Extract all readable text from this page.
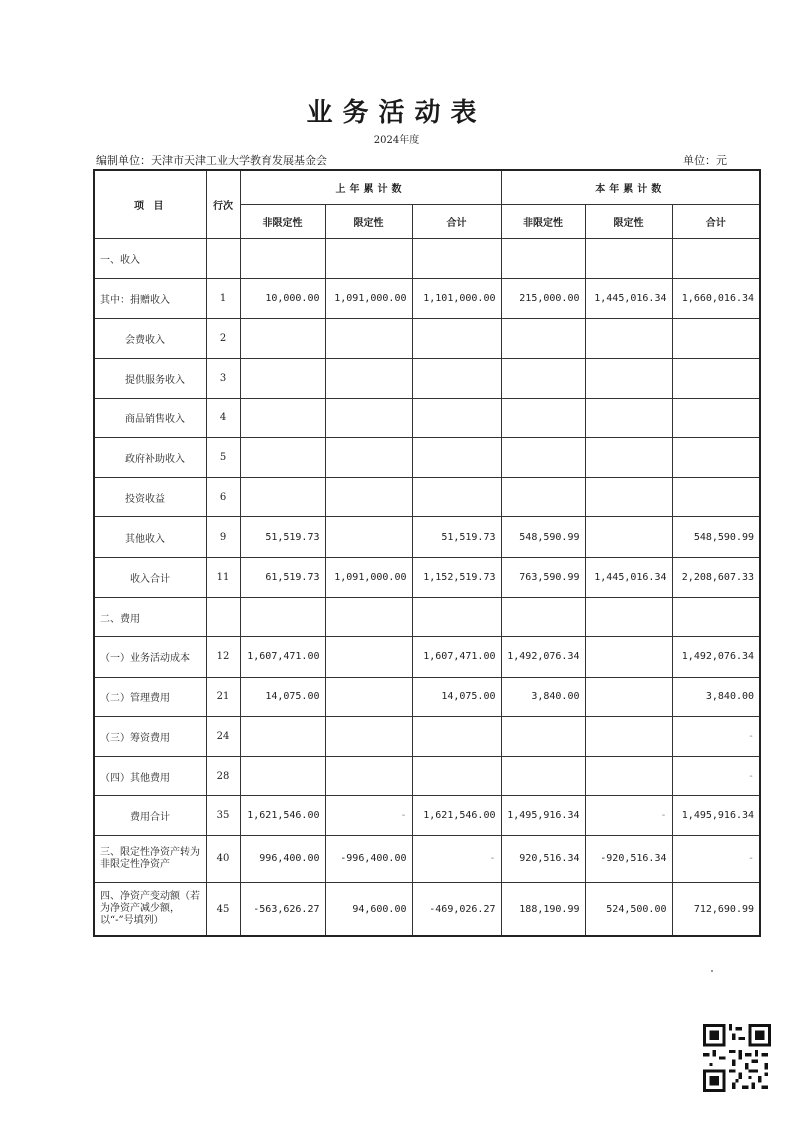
业务活动表
2024年度
编制单位：天津市天津工业大学教育发展基金会	单位：元
项 目	行次	上年累计数			本年累计数		
		非限定性	限定性	合计	非限定性	限定性	合计
一、收入							
其中：捐赠收入	1	10,000.00	1,091,000.00	1,101,000.00	215,000.00	1,445,016.34	1,660,016.34
会费收入	2						
提供服务收入	3						
商品销售收入	4						
政府补助收入	5						
投资收益	6						
其他收入	9	51,519.73		51,519.73	548,590.99		548,590.99
收入合计	11	61,519.73	1,091,000.00	1,152,519.73	763,590.99	1,445,016.34	2,208,607.33
二、费用							
（一）业务活动成本	12	1,607,471.00		1,607,471.00	1,492,076.34		1,492,076.34
（二）管理费用	21	14,075.00		14,075.00	3,840.00		3,840.00
（三）筹资费用	24						-
（四）其他费用	28						-
费用合计	35	1,621,546.00	-	1,621,546.00	1,495,916.34	-	1,495,916.34
三、限定性净资产转为非限定性净资产	40	996,400.00	-996,400.00	-	920,516.34	-920,516.34	-
四、净资产变动额（若为净资产减少额，以“-”号填列）	45	-563,626.27	94,600.00	-469,026.27	188,190.99	524,500.00	712,690.99
